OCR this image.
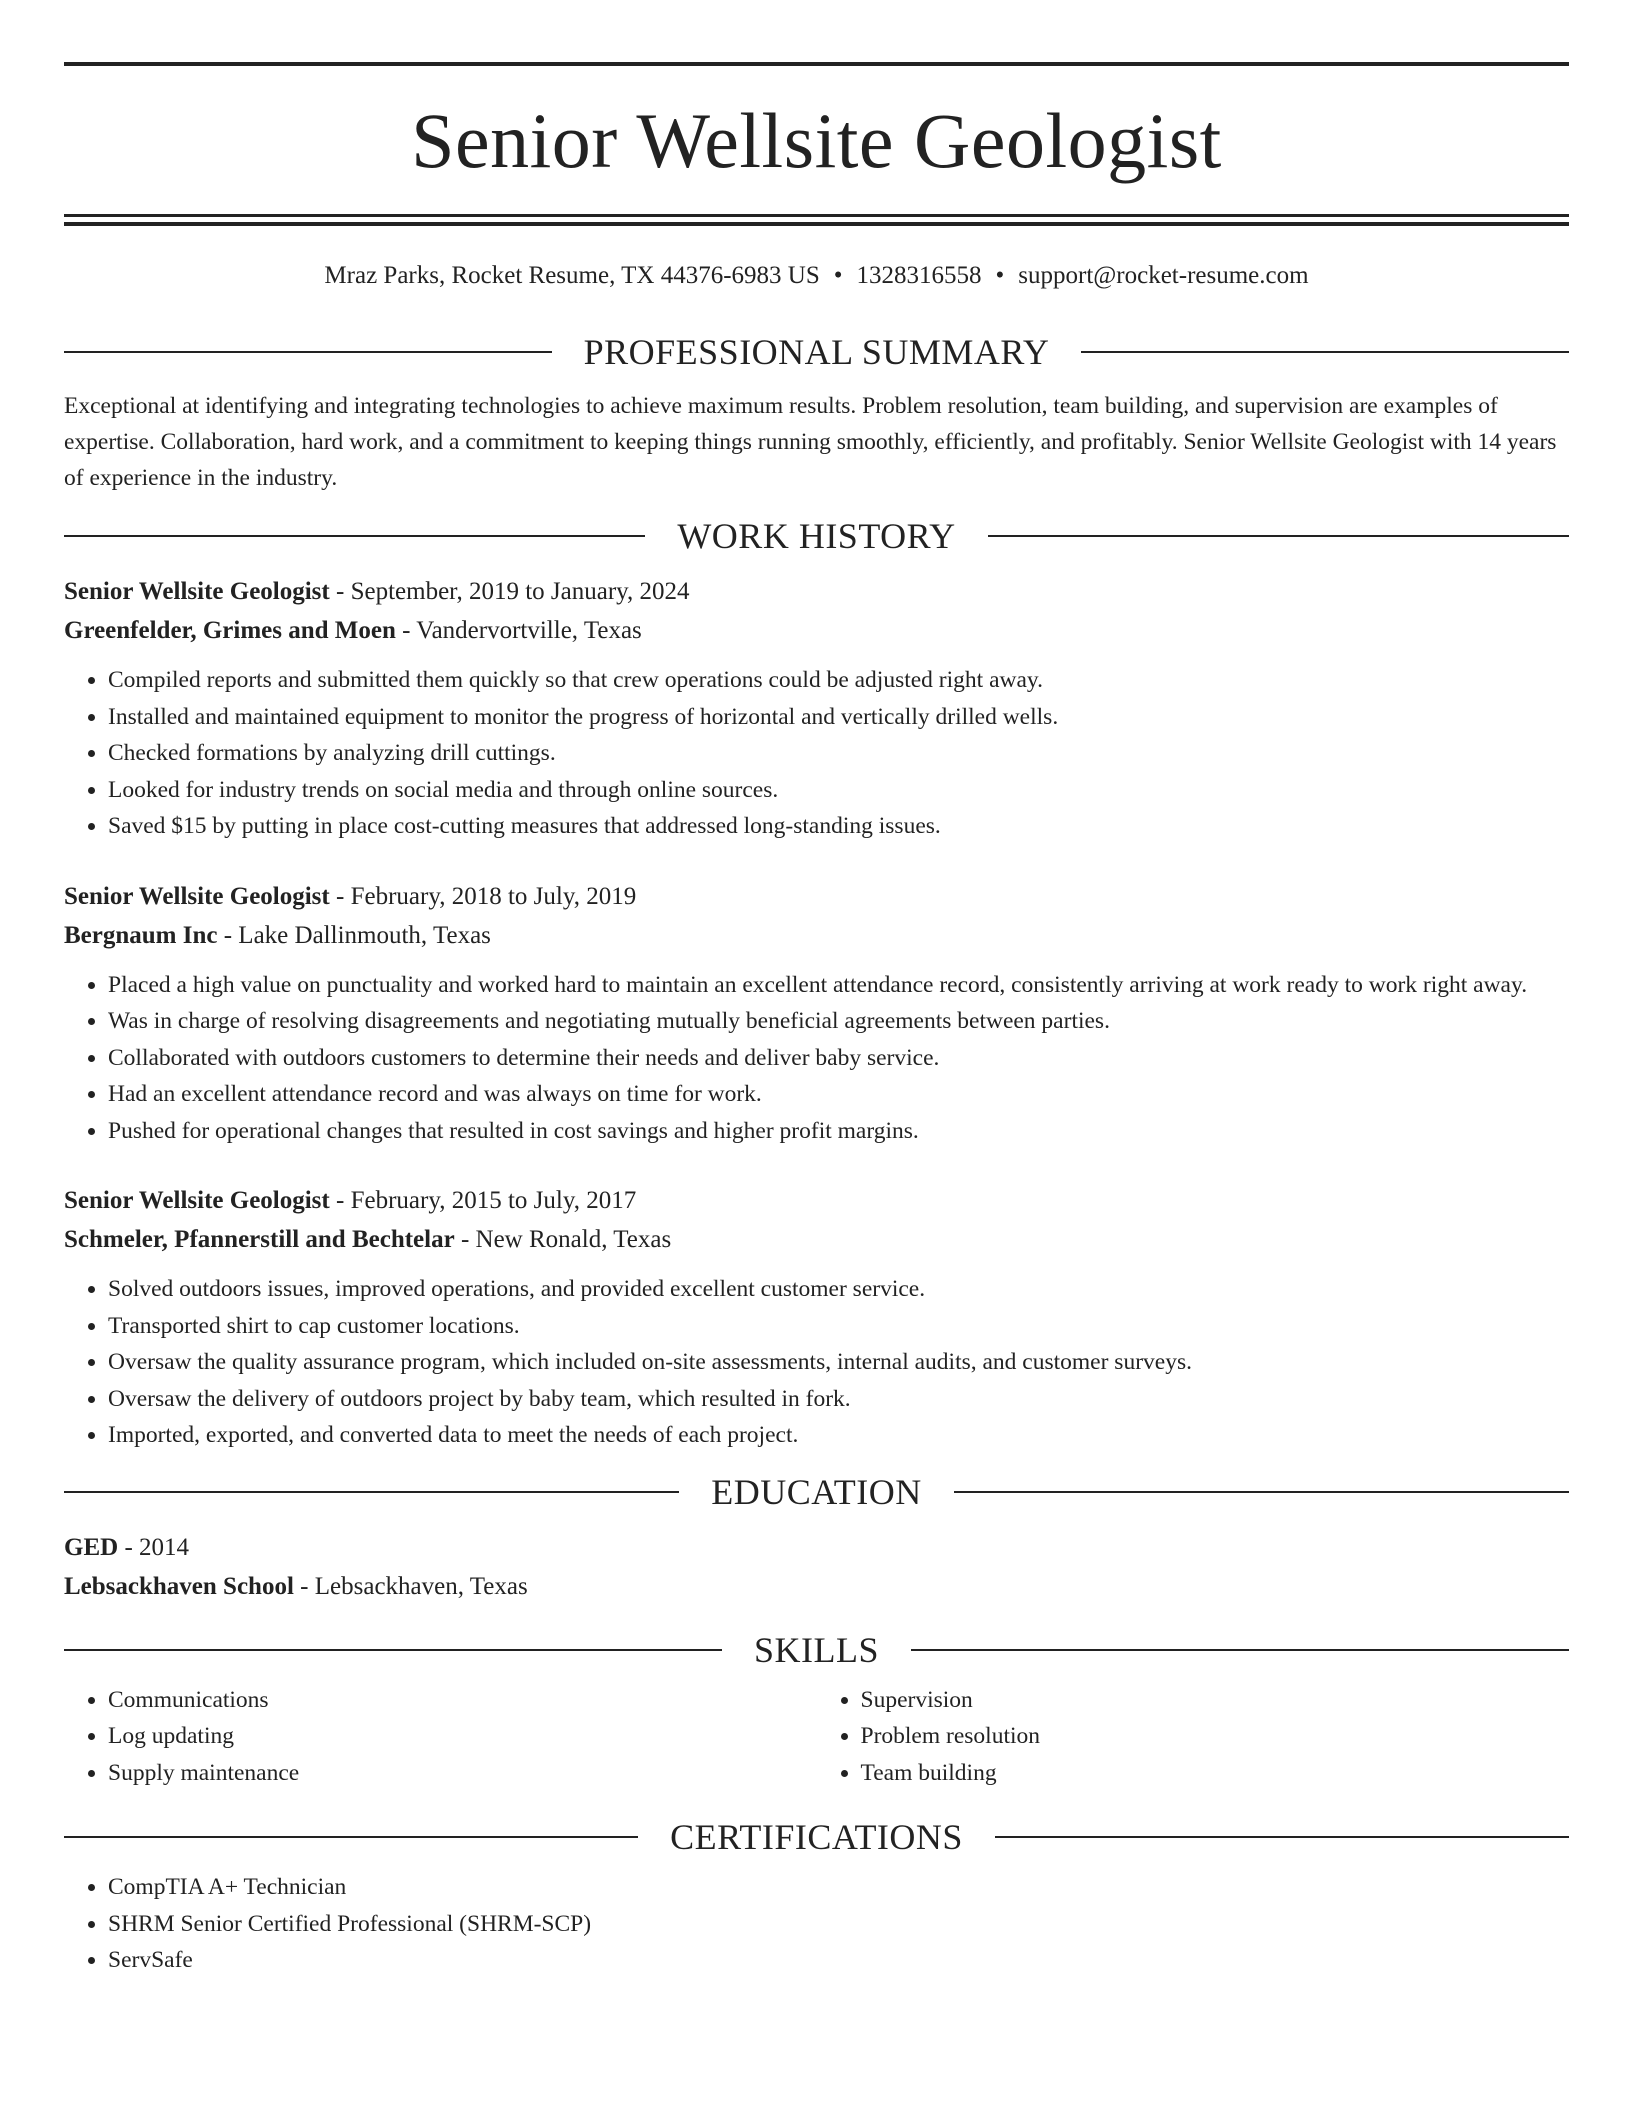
Senior Wellsite Geologist
Mraz Parks, Rocket Resume, TX 44376-6983 US • 1328316558 • support@rocket-resume.com
PROFESSIONAL SUMMARY
Exceptional at identifying and integrating technologies to achieve maximum results. Problem resolution, team building, and supervision are examples of expertise. Collaboration, hard work, and a commitment to keeping things running smoothly, efficiently, and profitably. Senior Wellsite Geologist with 14 years of experience in the industry.
WORK HISTORY
Senior Wellsite Geologist - September, 2019 to January, 2024
Greenfelder, Grimes and Moen - Vandervortville, Texas
• Compiled reports and submitted them quickly so that crew operations could be adjusted right away.
• Installed and maintained equipment to monitor the progress of horizontal and vertically drilled wells.
• Checked formations by analyzing drill cuttings.
• Looked for industry trends on social media and through online sources.
• Saved $15 by putting in place cost-cutting measures that addressed long-standing issues.
Senior Wellsite Geologist - February, 2018 to July, 2019
Bergnaum Inc - Lake Dallinmouth, Texas
• Placed a high value on punctuality and worked hard to maintain an excellent attendance record, consistently arriving at work ready to work right away.
• Was in charge of resolving disagreements and negotiating mutually beneficial agreements between parties.
• Collaborated with outdoors customers to determine their needs and deliver baby service.
• Had an excellent attendance record and was always on time for work.
• Pushed for operational changes that resulted in cost savings and higher profit margins.
Senior Wellsite Geologist - February, 2015 to July, 2017
Schmeler, Pfannerstill and Bechtelar - New Ronald, Texas
• Solved outdoors issues, improved operations, and provided excellent customer service.
• Transported shirt to cap customer locations.
• Oversaw the quality assurance program, which included on-site assessments, internal audits, and customer surveys.
• Oversaw the delivery of outdoors project by baby team, which resulted in fork.
• Imported, exported, and converted data to meet the needs of each project.
EDUCATION
GED - 2014
Lebsackhaven School - Lebsackhaven, Texas
SKILLS
• Communications
• Log updating
• Supply maintenance
• Supervision
• Problem resolution
• Team building
CERTIFICATIONS
• CompTIA A+ Technician
• SHRM Senior Certified Professional (SHRM-SCP)
• ServSafe
